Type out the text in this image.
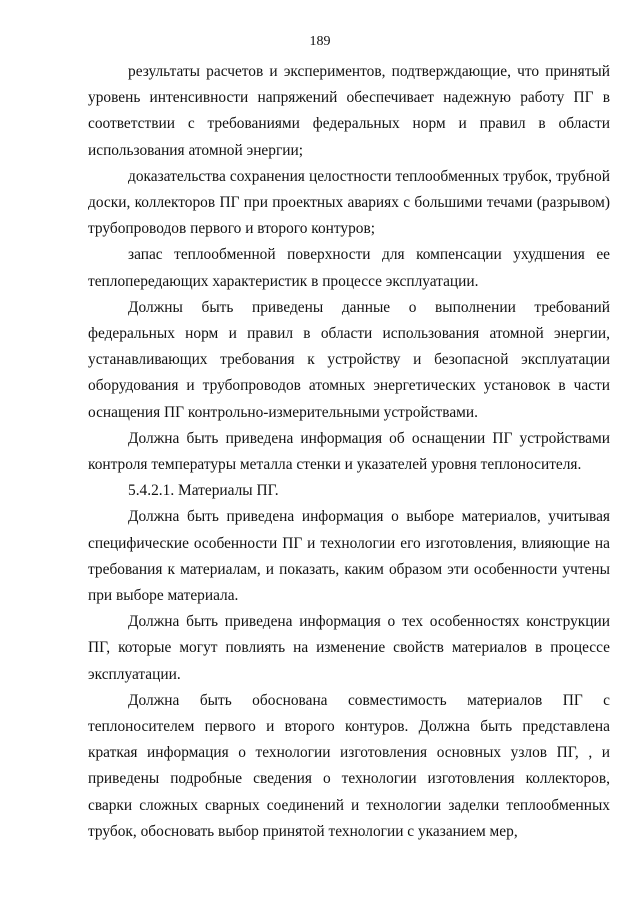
189

результаты расчетов и экспериментов, подтверждающие, что принятый уровень интенсивности напряжений обеспечивает надежную работу ПГ в соответствии с требованиями федеральных норм и правил в области использования атомной энергии;

доказательства сохранения целостности теплообменных трубок, трубной доски, коллекторов ПГ при проектных авариях с большими течами (разрывом) трубопроводов первого и второго контуров;

запас теплообменной поверхности для компенсации ухудшения ее теплопередающих характеристик в процессе эксплуатации.

Должны быть приведены данные о выполнении требований федеральных норм и правил в области использования атомной энергии, устанавливающих требования к устройству и безопасной эксплуатации оборудования и трубопроводов атомных энергетических установок в части оснащения ПГ контрольно-измерительными устройствами.

Должна быть приведена информация об оснащении ПГ устройствами контроля температуры металла стенки и указателей уровня теплоносителя.

5.4.2.1. Материалы ПГ.

Должна быть приведена информация о выборе материалов, учитывая специфические особенности ПГ и технологии его изготовления, влияющие на требования к материалам, и показать, каким образом эти особенности учтены при выборе материала.

Должна быть приведена информация о тех особенностях конструкции ПГ, которые могут повлиять на изменение свойств материалов в процессе эксплуатации.

Должна быть обоснована совместимость материалов ПГ с теплоносителем первого и второго контуров. Должна быть представлена краткая информация о технологии изготовления основных узлов ПГ, , и приведены подробные сведения о технологии изготовления коллекторов, сварки сложных сварных соединений и технологии заделки теплообменных трубок, обосновать выбор принятой технологии с указанием мер,
